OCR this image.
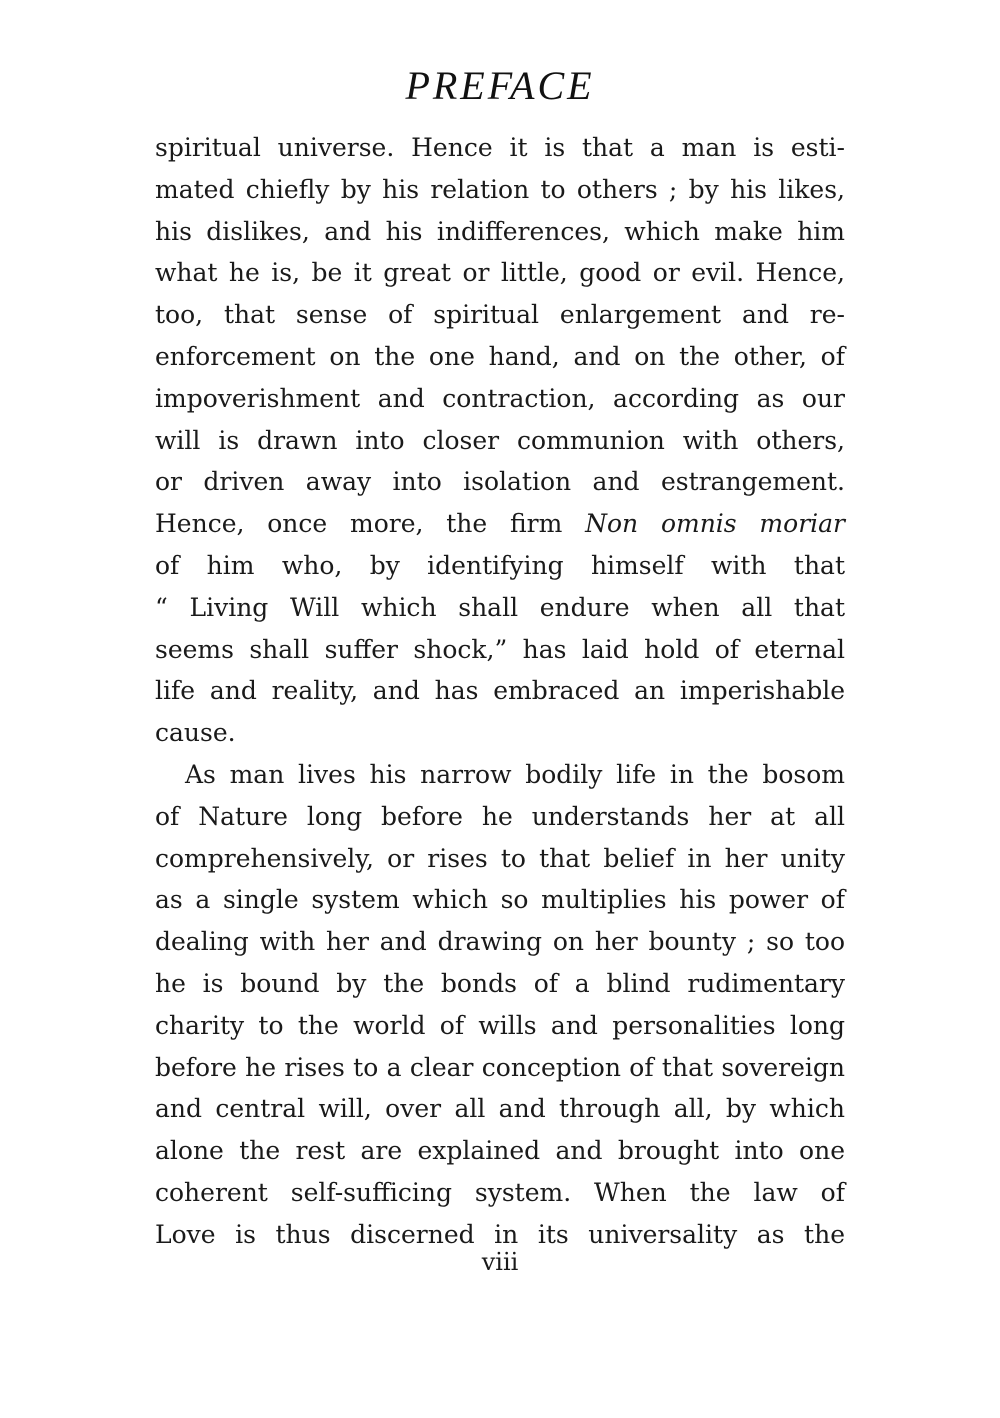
PREFACE
spiritual universe. Hence it is that a man is esti-
mated chiefly by his relation to others ; by his likes,
his dislikes, and his indifferences, which make him
what he is, be it great or little, good or evil. Hence,
too, that sense of spiritual enlargement and re-
enforcement on the one hand, and on the other, of
impoverishment and contraction, according as our
will is drawn into closer communion with others,
or driven away into isolation and estrangement.
Hence, once more, the firm Non omnis moriar
of him who, by identifying himself with that
“ Living Will which shall endure when all that
seems shall suffer shock,” has laid hold of eternal
life and reality, and has embraced an imperishable
cause.
As man lives his narrow bodily life in the bosom
of Nature long before he understands her at all
comprehensively, or rises to that belief in her unity
as a single system which so multiplies his power of
dealing with her and drawing on her bounty ; so too
he is bound by the bonds of a blind rudimentary
charity to the world of wills and personalities long
before he rises to a clear conception of that sovereign
and central will, over all and through all, by which
alone the rest are explained and brought into one
coherent self-sufficing system. When the law of
Love is thus discerned in its universality as the
viii
